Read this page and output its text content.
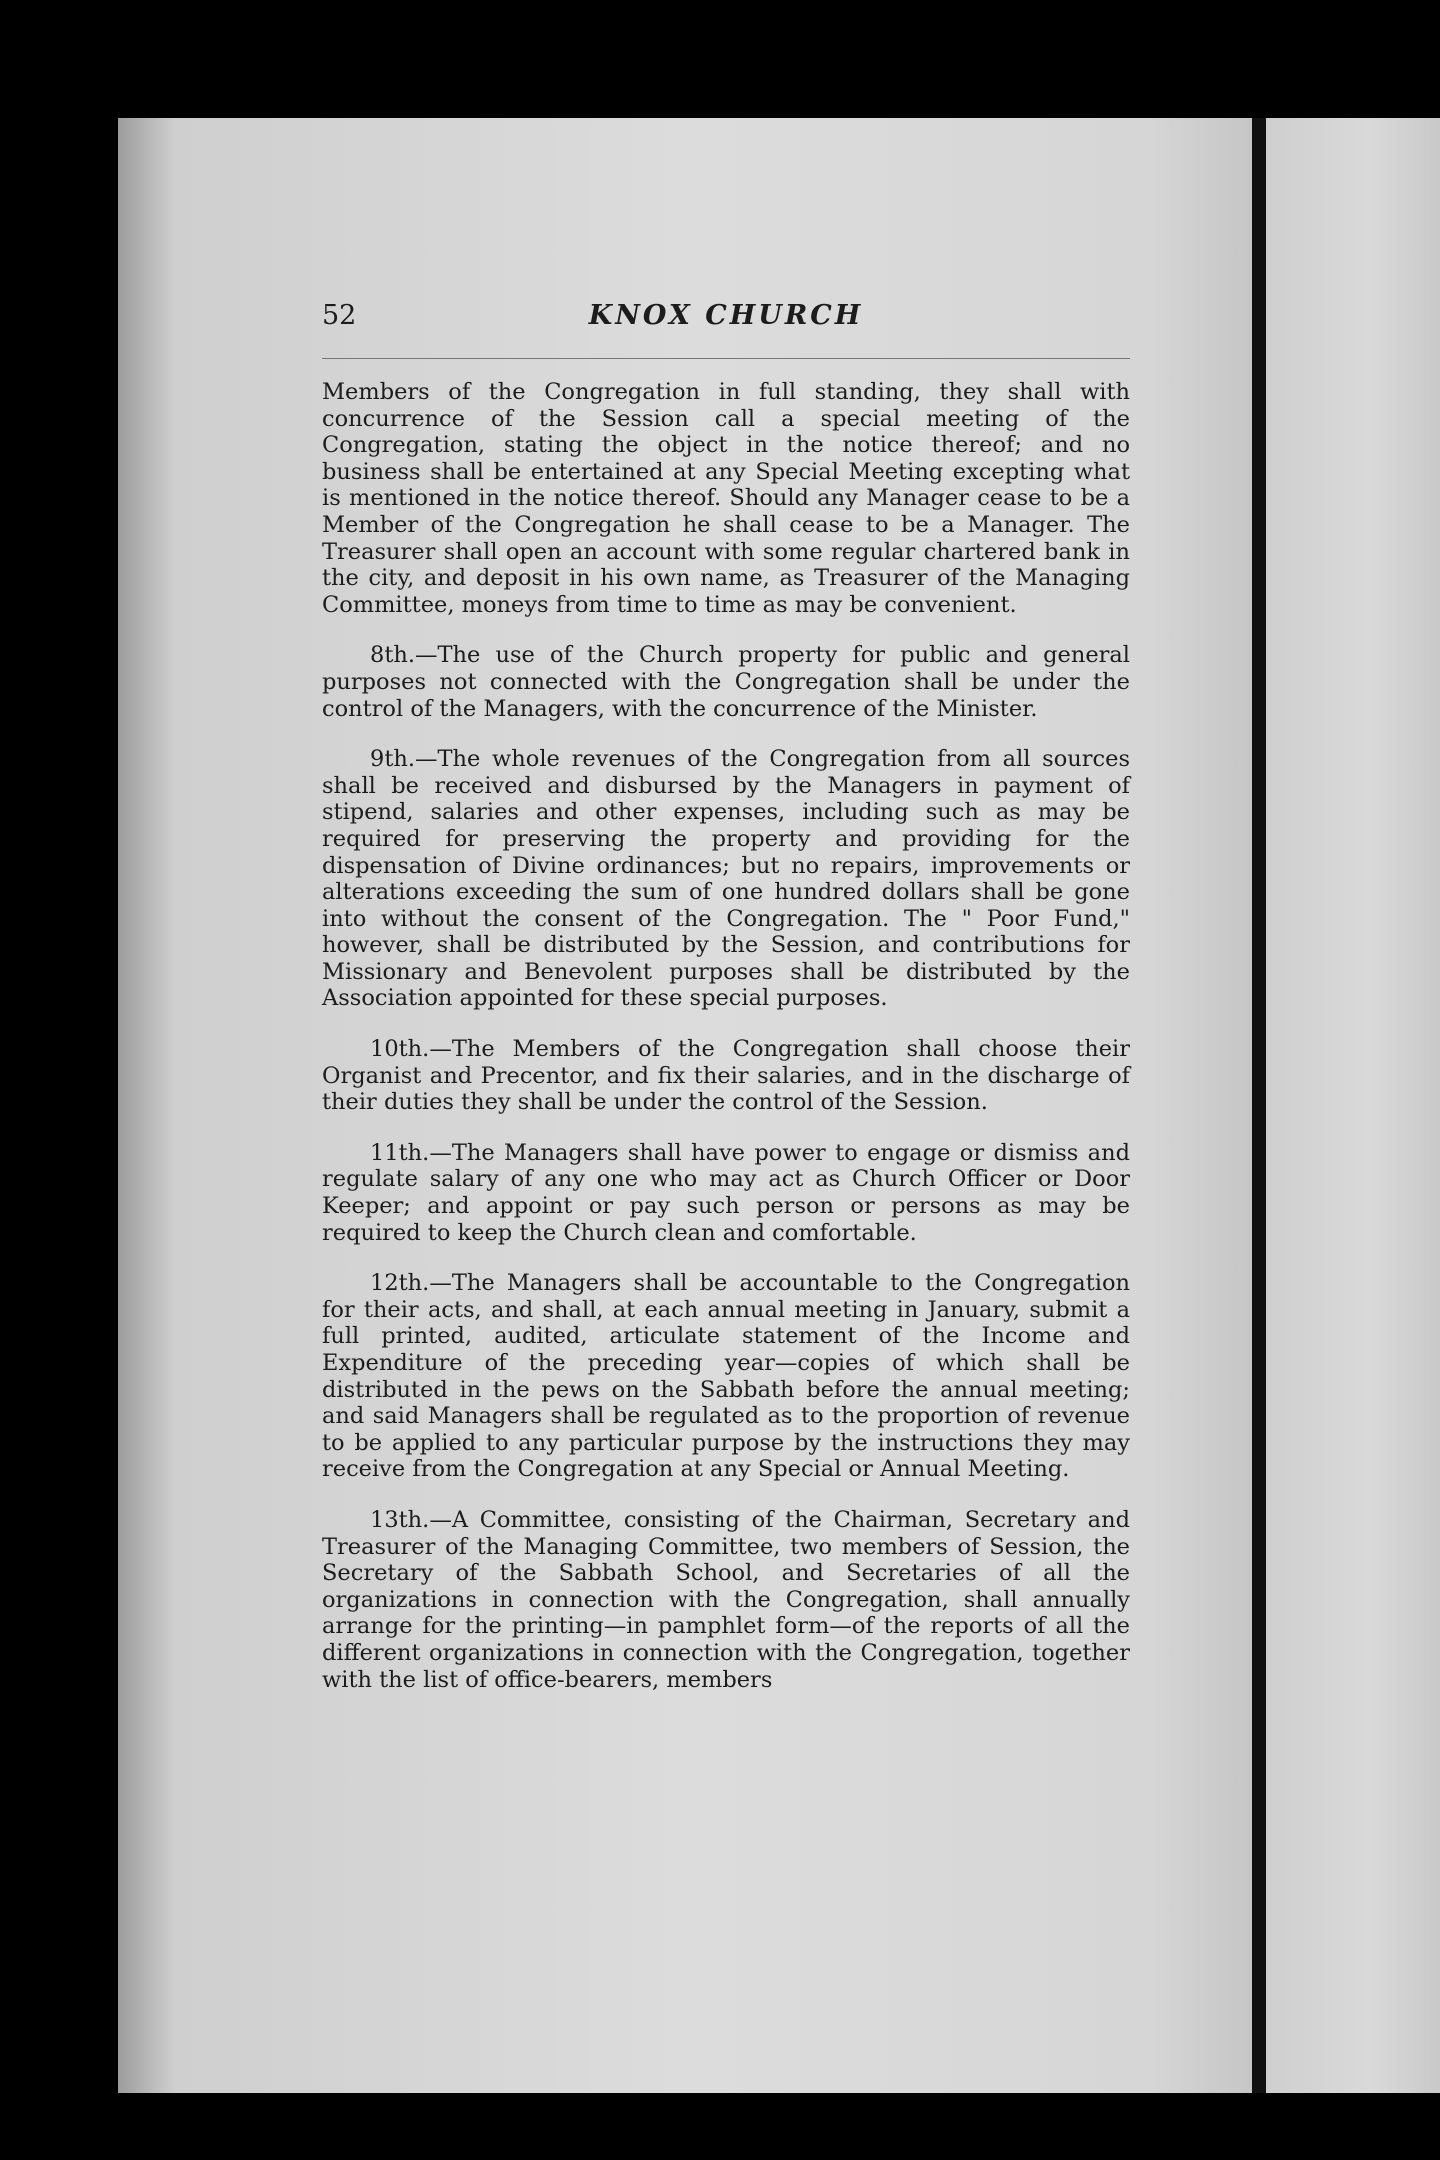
52	KNOX CHURCH

Members of the Congregation in full standing, they shall with concurrence of the Session call a special meeting of the Congregation, stating the object in the notice thereof; and no business shall be entertained at any Special Meeting excepting what is mentioned in the notice thereof. Should any Manager cease to be a Member of the Congregation he shall cease to be a Manager. The Treasurer shall open an account with some regular chartered bank in the city, and deposit in his own name, as Treasurer of the Managing Committee, moneys from time to time as may be convenient.

8th.—The use of the Church property for public and general purposes not connected with the Congregation shall be under the control of the Managers, with the concurrence of the Minister.

9th.—The whole revenues of the Congregation from all sources shall be received and disbursed by the Managers in payment of stipend, salaries and other expenses, including such as may be required for preserving the property and providing for the dispensation of Divine ordinances; but no repairs, improvements or alterations exceeding the sum of one hundred dollars shall be gone into without the consent of the Congregation. The " Poor Fund," however, shall be distributed by the Session, and contributions for Missionary and Benevolent purposes shall be distributed by the Association appointed for these special purposes.

10th.—The Members of the Congregation shall choose their Organist and Precentor, and fix their salaries, and in the discharge of their duties they shall be under the control of the Session.

11th.—The Managers shall have power to engage or dismiss and regulate salary of any one who may act as Church Officer or Door Keeper; and appoint or pay such person or persons as may be required to keep the Church clean and comfortable.

12th.—The Managers shall be accountable to the Congregation for their acts, and shall, at each annual meeting in January, submit a full printed, audited, articulate statement of the Income and Expenditure of the preceding year—copies of which shall be distributed in the pews on the Sabbath before the annual meeting; and said Managers shall be regulated as to the proportion of revenue to be applied to any particular purpose by the instructions they may receive from the Congregation at any Special or Annual Meeting.

13th.—A Committee, consisting of the Chairman, Secretary and Treasurer of the Managing Committee, two members of Session, the Secretary of the Sabbath School, and Secretaries of all the organizations in connection with the Congregation, shall annually arrange for the printing—in pamphlet form—of the reports of all the different organizations in connection with the Congregation, together with the list of office-bearers, members
